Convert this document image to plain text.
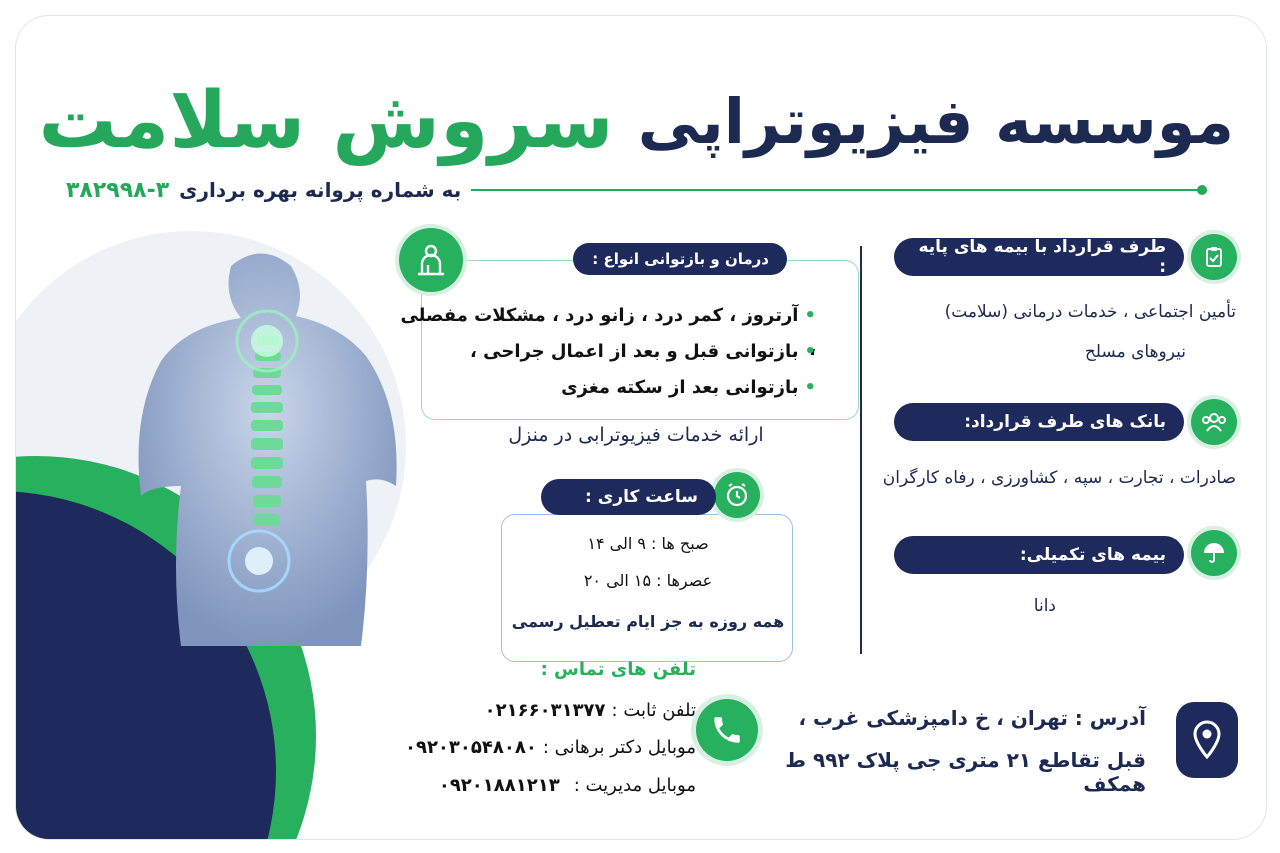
موسسه فیزیوتراپی
سروش سلامت
به شماره پروانه بهره برداری
۳۸۲۹۹۸-۳
طرف قرارداد با بیمه های پایه :
تأمین اجتماعی ، خدمات درمانی (سلامت)
نیروهای مسلح
بانک های طرف قرارداد:
صادرات ، تجارت ، سپه ، کشاورزی ، رفاه کارگران
بیمه های تکمیلی:
دانا
درمان و بازتوانی انواع :
• آرتروز ، کمر درد ، زانو درد ، مشکلات مفصلی ،
• بازتوانی قبل و بعد از اعمال جراحی ،
• بازتوانی بعد از سکته مغزی
ارائه خدمات فیزیوترابی در منزل
ساعت کاری :
صبح ها : ۹ الی ۱۴
عصرها : ۱۵ الی ۲۰
همه روزه به جز ایام تعطیل رسمی
تلفن های تماس :
تلفن ثابت :
۰۲۱۶۶۰۳۱۳۷۷
موبایل دکتر برهانی :
۰۹۲۰۳۰۵۴۸۰۸۰
موبایل مدیریت :
۰۹۲۰۱۸۸۱۲۱۳
آدرس : تهران ، خ دامپزشکی غرب ،
قبل تقاطع ۲۱ متری جی پلاک ۹۹۲ ط همکف
